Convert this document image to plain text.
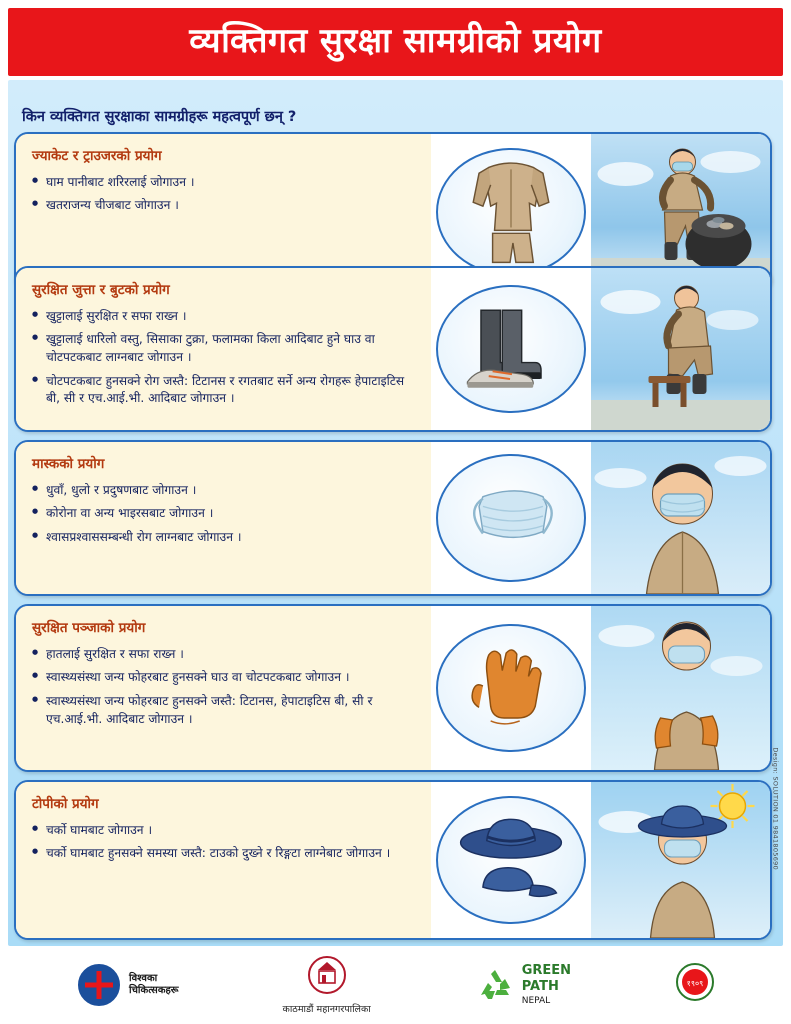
व्यक्तिगत सुरक्षा सामग्रीको प्रयोग
किन व्यक्तिगत सुरक्षाका सामग्रीहरू महत्वपूर्ण छन् ?
ज्याकेट र ट्राउजरको प्रयोग
● घाम पानीबाट शरिरलाई जोगाउन ।
● खतराजन्य चीजबाट जोगाउन ।
सुरक्षित जुत्ता र बुटको प्रयोग
● खुट्टालाई सुरक्षित र सफा राख्न ।
● खुट्टालाई धारिलो वस्तु, सिसाका टुक्रा, फलामका किला आदिबाट हुने घाउ वा चोटपटकबाट लाग्नबाट जोगाउन ।
● चोटपटकबाट हुनसक्ने रोग जस्तै: टिटानस र रगतबाट सर्ने अन्य रोगहरू हेपाटाइटिस बी, सी र एच.आई.भी. आदिबाट जोगाउन ।
मास्कको प्रयोग
● धुवाँ, धुलो र प्रदुषणबाट जोगाउन ।
● कोरोना वा अन्य भाइरसबाट जोगाउन ।
● श्वासप्रश्वाससम्बन्धी रोग लाग्नबाट जोगाउन ।
सुरक्षित पञ्जाको प्रयोग
● हातलाई सुरक्षित र सफा राख्न ।
● स्वास्थ्यसंस्था जन्य फोहरबाट हुनसक्ने घाउ वा चोटपटकबाट जोगाउन ।
● स्वास्थ्यसंस्था जन्य फोहरबाट हुनसक्ने जस्तै: टिटानस, हेपाटाइटिस बी, सी र एच.आई.भी. आदिबाट जोगाउन ।
टोपीको प्रयोग
● चर्को घामबाट जोगाउन ।
● चर्को घामबाट हुनसक्ने समस्या जस्तै: टाउको दुख्ने र रिङ्गटा लाग्नेबाट जोगाउन ।	Design: SOLUTION 01 9841805690
विश्वका
चिकित्सकहरू
काठमाडौं महानगरपालिका
GREEN
PATH
NEPAL
१९०९
